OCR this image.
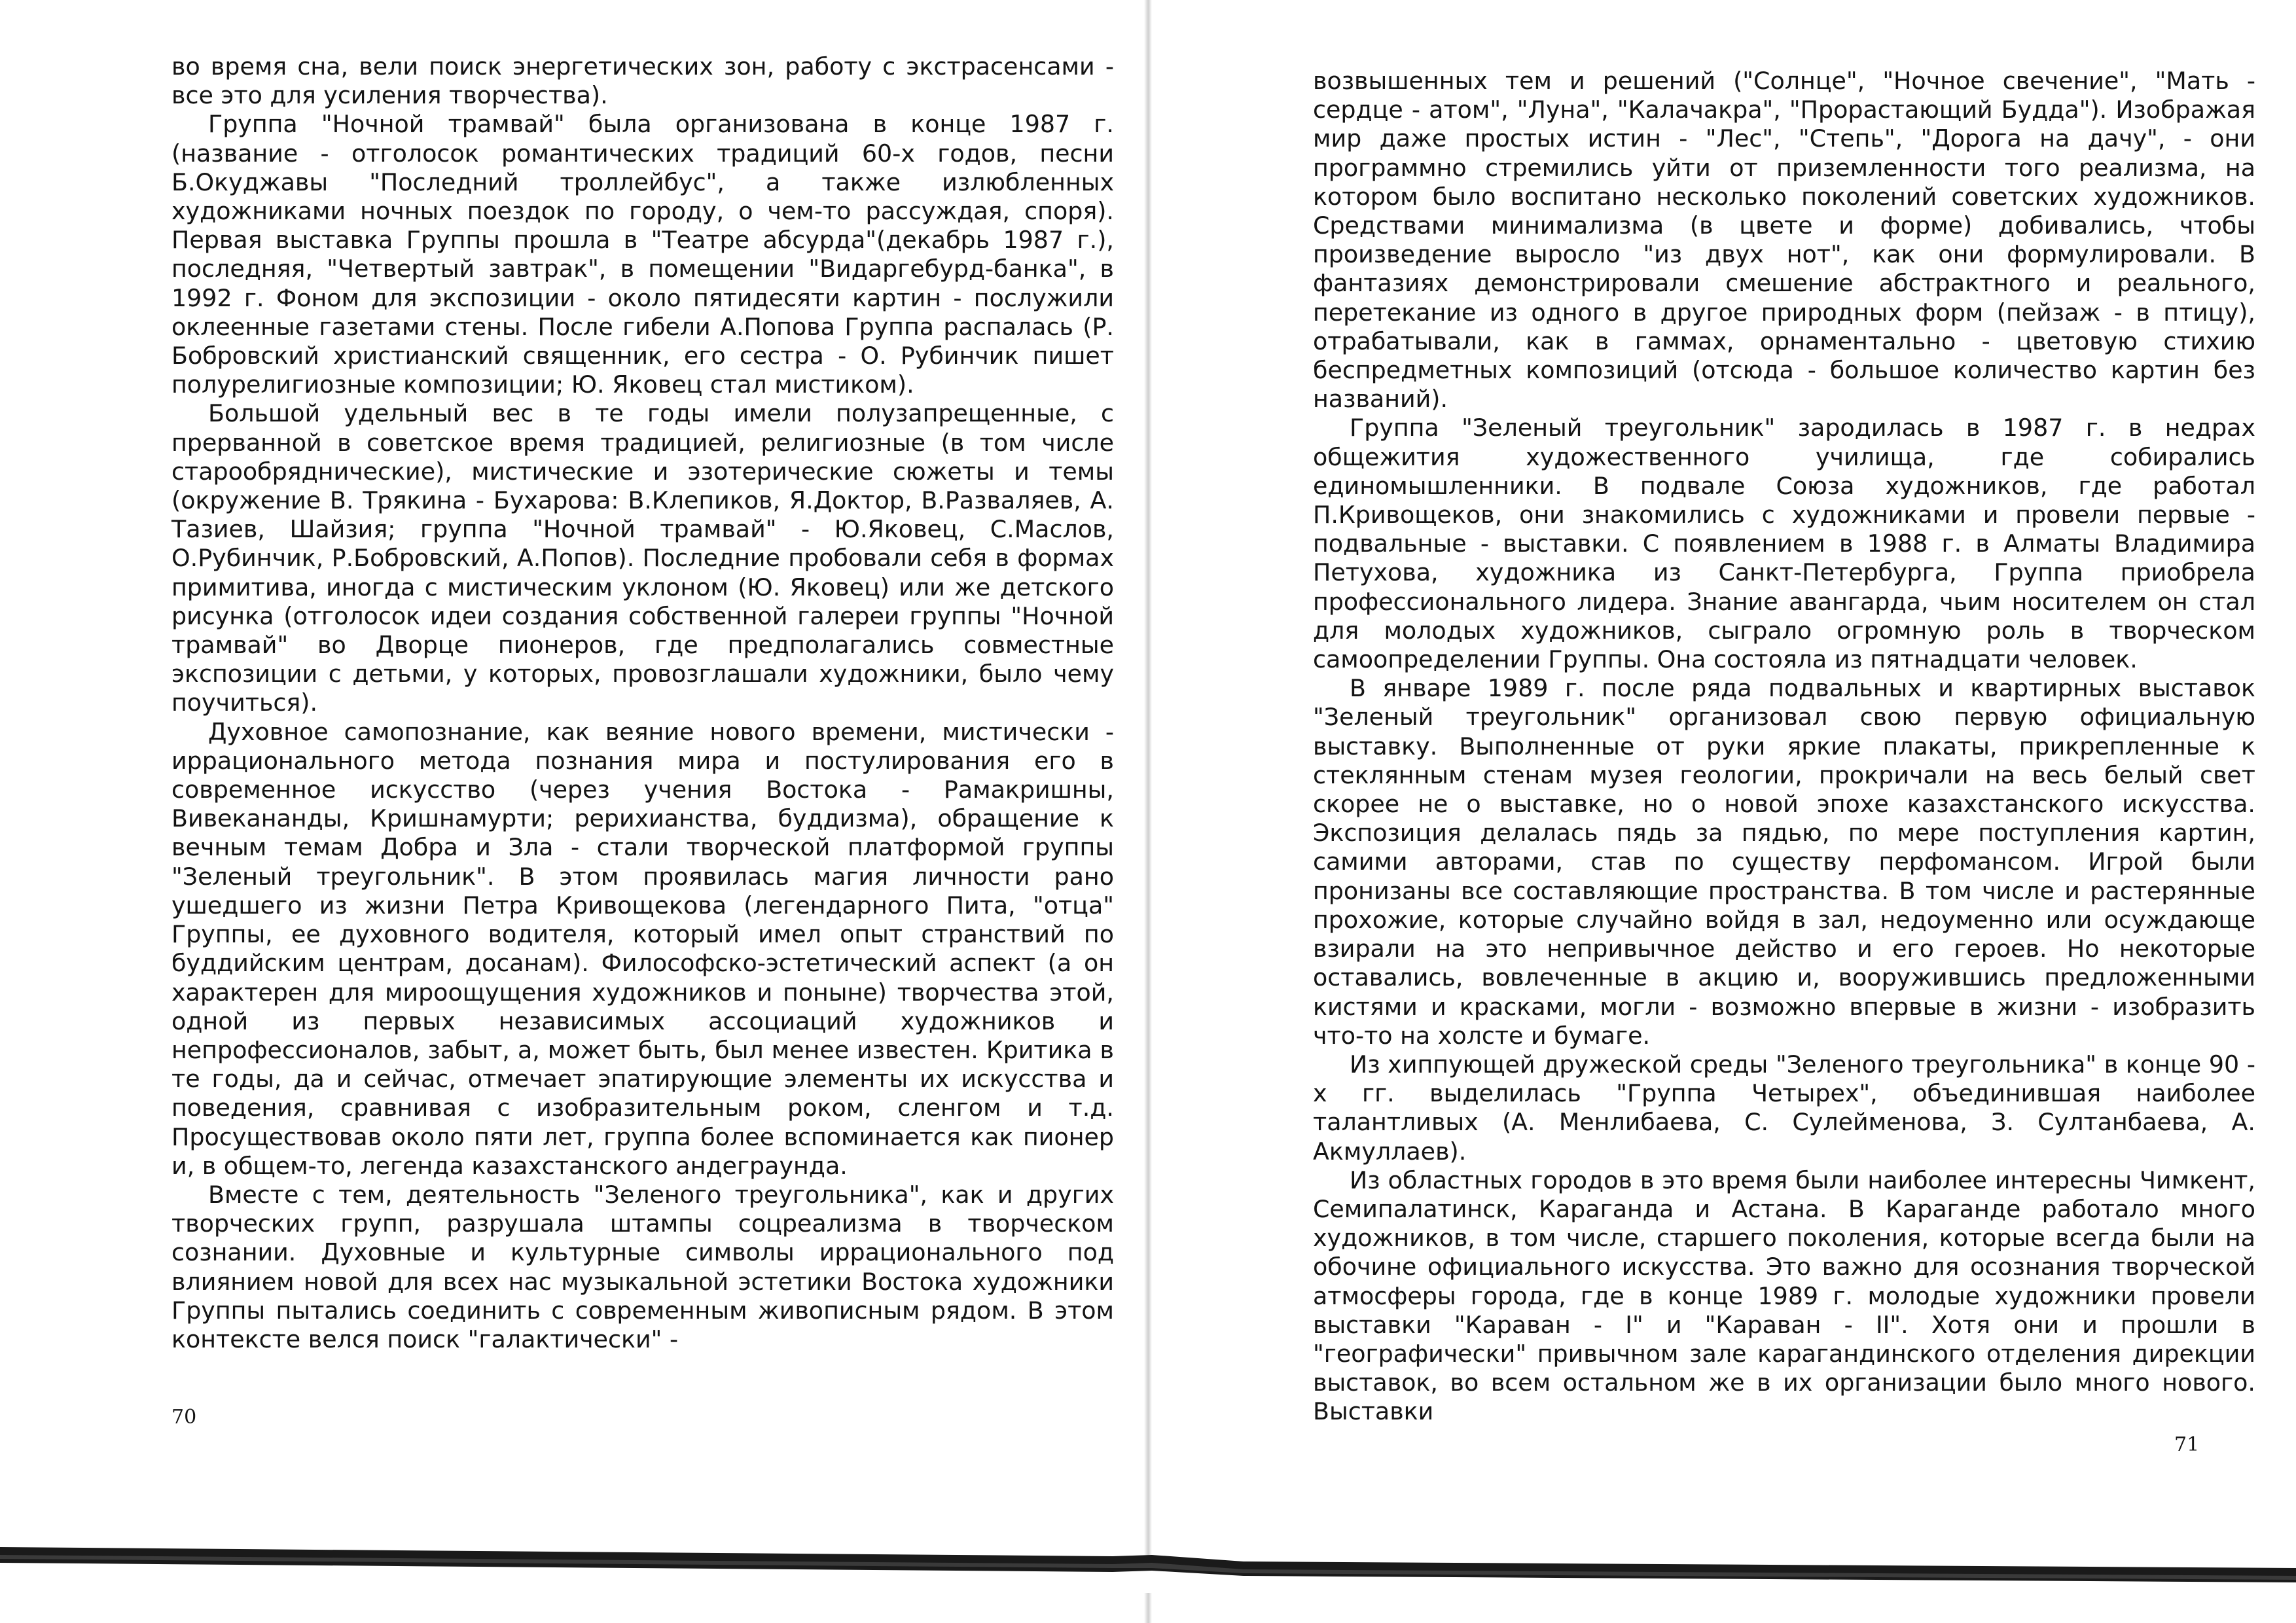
во время сна, вели поиск энергетических зон, работу с экстрасенсами - все это для усиления творчества).

Группа "Ночной трамвай" была организована в конце 1987 г. (название - отголосок романтических традиций 60-х годов, песни Б.Окуджавы "Последний троллейбус", а также излюбленных художниками ночных поездок по городу, о чем-то рассуждая, споря). Первая выставка Группы прошла в "Театре абсурда"(декабрь 1987 г.), последняя, "Четвертый завтрак", в помещении "Видаргебурд-банка", в 1992 г. Фоном для экспозиции - около пятидесяти картин - послужили оклеенные газетами стены. После гибели А.Попова Группа распалась (Р. Бобровский христианский священник, его сестра - О. Рубинчик пишет полурелигиозные композиции; Ю. Яковец стал мистиком).

Большой удельный вес в те годы имели полузапрещенные, с прерванной в советское время традицией, религиозные (в том числе старообряднические), мистические и эзотерические сюжеты и темы (окружение В. Трякина - Бухарова: В.Клепиков, Я.Доктор, В.Разваляев, А. Тазиев, Шайзия; группа "Ночной трамвай" - Ю.Яковец, С.Маслов, О.Рубинчик, Р.Бобровский, А.Попов). Последние пробовали себя в формах примитива, иногда с мистическим уклоном (Ю. Яковец) или же детского рисунка (отголосок идеи создания собственной галереи группы "Ночной трамвай" во Дворце пионеров, где предполагались совместные экспозиции с детьми, у которых, провозглашали художники, было чему поучиться).

Духовное самопознание, как веяние нового времени, мистически - иррационального метода познания мира и постулирования его в современное искусство (через учения Востока - Рамакришны, Вивекананды, Кришнамурти; рерихианства, буддизма), обращение к вечным темам Добра и Зла - стали творческой платформой группы "Зеленый треугольник". В этом проявилась магия личности рано ушедшего из жизни Петра Кривощекова (легендарного Пита, "отца" Группы, ее духовного водителя, который имел опыт странствий по буддийским центрам, досанам). Философско-эстетический аспект (а он характерен для мироощущения художников и поныне) творчества этой, одной из первых независимых ассоциаций художников и непрофессионалов, забыт, а, может быть, был менее известен. Критика в те годы, да и сейчас, отмечает эпатирующие элементы их искусства и поведения, сравнивая с изобразительным роком, сленгом и т.д. Просуществовав около пяти лет, группа более вспоминается как пионер и, в общем-то, легенда казахстанского андеграунда.

Вместе с тем, деятельность "Зеленого треугольника", как и других творческих групп, разрушала штампы соцреализма в творческом сознании. Духовные и культурные символы иррационального под влиянием новой для всех нас музыкальной эстетики Востока художники Группы пытались соединить с современным живописным рядом. В этом контексте велся поиск "галактически" -

70

возвышенных тем и решений ("Солнце", "Ночное свечение", "Мать - сердце - атом", "Луна", "Калачакра", "Прорастающий Будда"). Изображая мир даже простых истин - "Лес", "Степь", "Дорога на дачу", - они программно стремились уйти от приземленности того реализма, на котором было воспитано несколько поколений советских художников. Средствами минимализма (в цвете и форме) добивались, чтобы произведение выросло "из двух нот", как они формулировали. В фантазиях демонстрировали смешение абстрактного и реального, перетекание из одного в другое природных форм (пейзаж - в птицу), отрабатывали, как в гаммах, орнаментально - цветовую стихию беспредметных композиций (отсюда - большое количество картин без названий).

Группа "Зеленый треугольник" зародилась в 1987 г. в недрах общежития художественного училища, где собирались единомышленники. В подвале Союза художников, где работал П.Кривощеков, они знакомились с художниками и провели первые - подвальные - выставки. С появлением в 1988 г. в Алматы Владимира Петухова, художника из Санкт-Петербурга, Группа приобрела профессионального лидера. Знание авангарда, чьим носителем он стал для молодых художников, сыграло огромную роль в творческом самоопределении Группы. Она состояла из пятнадцати человек.

В январе 1989 г. после ряда подвальных и квартирных выставок "Зеленый треугольник" организовал свою первую официальную выставку. Выполненные от руки яркие плакаты, прикрепленные к стеклянным стенам музея геологии, прокричали на весь белый свет скорее не о выставке, но о новой эпохе казахстанского искусства. Экспозиция делалась пядь за пядью, по мере поступления картин, самими авторами, став по существу перфомансом. Игрой были пронизаны все составляющие пространства. В том числе и растерянные прохожие, которые случайно войдя в зал, недоуменно или осуждающе взирали на это непривычное действо и его героев. Но некоторые оставались, вовлеченные в акцию и, вооружившись предложенными кистями и красками, могли - возможно впервые в жизни - изобразить что-то на холсте и бумаге.

Из хиппующей дружеской среды "Зеленого треугольника" в конце 90 - х гг. выделилась "Группа Четырех", объединившая наиболее талантливых (А. Менлибаева, С. Сулейменова, З. Султанбаева, А. Акмуллаев).

Из областных городов в это время были наиболее интересны Чимкент, Семипалатинск, Караганда и Астана. В Караганде работало много художников, в том числе, старшего поколения, которые всегда были на обочине официального искусства. Это важно для осознания творческой атмосферы города, где в конце 1989 г. молодые художники провели выставки "Караван - I" и "Караван - II". Хотя они и прошли в "географически" привычном зале карагандинского отделения дирекции выставок, во всем остальном же в их организации было много нового. Выставки

71
